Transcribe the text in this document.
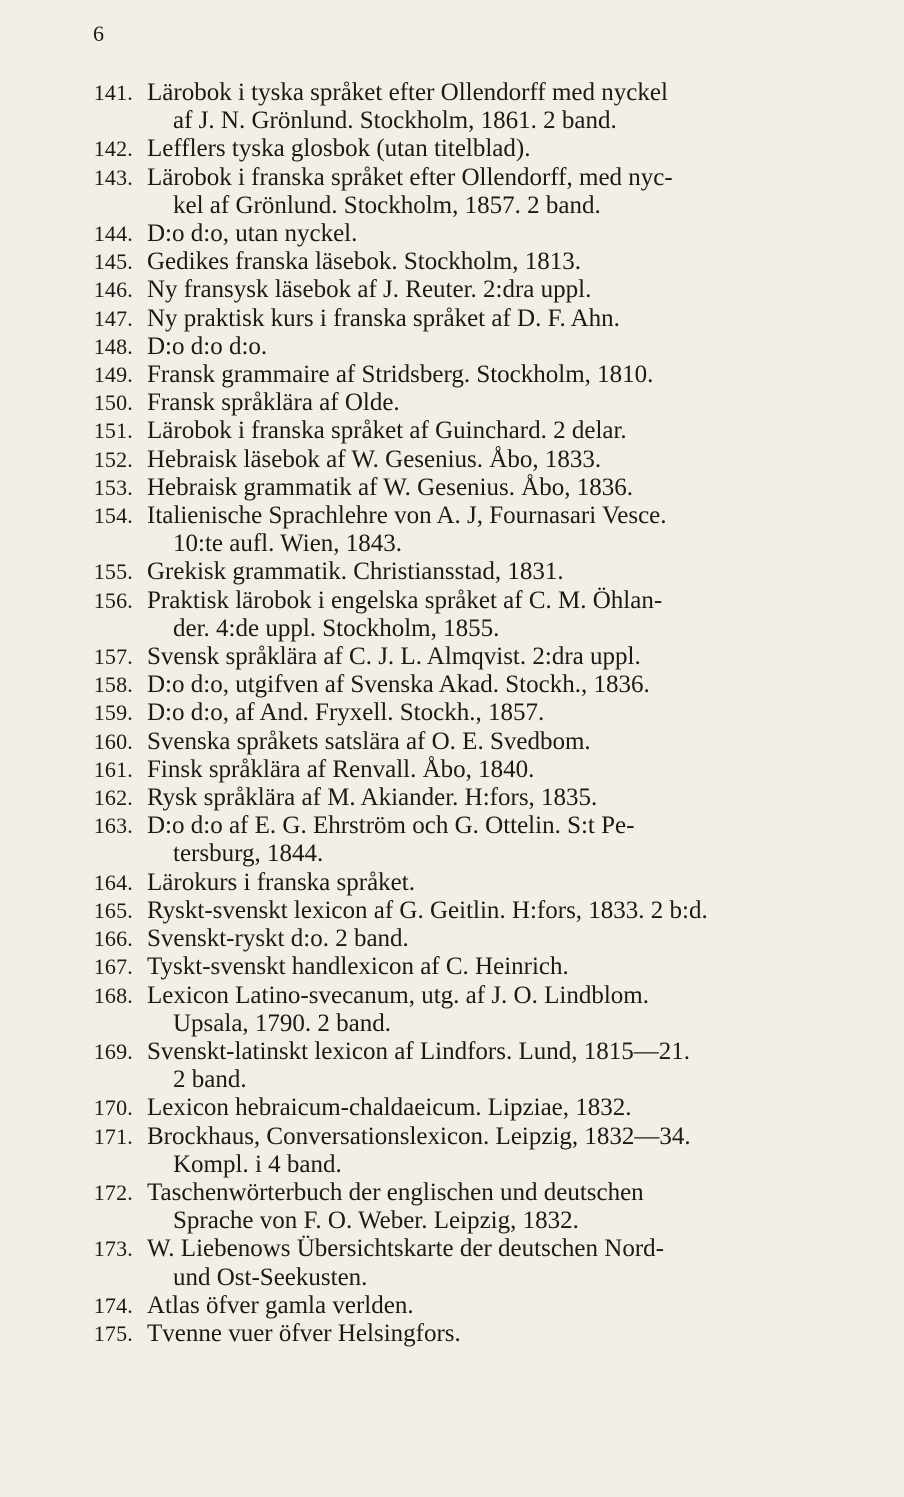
6
141. Lärobok i tyska språket efter Ollendorff med nyckel
af J. N. Grönlund. Stockholm, 1861. 2 band.
142. Lefflers tyska glosbok (utan titelblad).
143. Lärobok i franska språket efter Ollendorff, med nyc-
kel af Grönlund. Stockholm, 1857. 2 band.
144. D:o d:o, utan nyckel.
145. Gedikes franska läsebok. Stockholm, 1813.
146. Ny fransysk läsebok af J. Reuter. 2:dra uppl.
147. Ny praktisk kurs i franska språket af D. F. Ahn.
148. D:o d:o d:o.
149. Fransk grammaire af Stridsberg. Stockholm, 1810.
150. Fransk språklära af Olde.
151. Lärobok i franska språket af Guinchard. 2 delar.
152. Hebraisk läsebok af W. Gesenius. Åbo, 1833.
153. Hebraisk grammatik af W. Gesenius. Åbo, 1836.
154. Italienische Sprachlehre von A. J, Fournasari Vesce.
10:te aufl. Wien, 1843.
155. Grekisk grammatik. Christiansstad, 1831.
156. Praktisk lärobok i engelska språket af C. M. Öhlan-
der. 4:de uppl. Stockholm, 1855.
157. Svensk språklära af C. J. L. Almqvist. 2:dra uppl.
158. D:o d:o, utgifven af Svenska Akad. Stockh., 1836.
159. D:o d:o, af And. Fryxell. Stockh., 1857.
160. Svenska språkets satslära af O. E. Svedbom.
161. Finsk språklära af Renvall. Åbo, 1840.
162. Rysk språklära af M. Akiander. H:fors, 1835.
163. D:o d:o af E. G. Ehrström och G. Ottelin. S:t Pe-
tersburg, 1844.
164. Lärokurs i franska språket.
165. Ryskt-svenskt lexicon af G. Geitlin. H:fors, 1833. 2 b:d.
166. Svenskt-ryskt d:o. 2 band.
167. Tyskt-svenskt handlexicon af C. Heinrich.
168. Lexicon Latino-svecanum, utg. af J. O. Lindblom.
Upsala, 1790. 2 band.
169. Svenskt-latinskt lexicon af Lindfors. Lund, 1815—21.
2 band.
170. Lexicon hebraicum-chaldaeicum. Lipziae, 1832.
171. Brockhaus, Conversationslexicon. Leipzig, 1832—34.
Kompl. i 4 band.
172. Taschenwörterbuch der englischen und deutschen
Sprache von F. O. Weber. Leipzig, 1832.
173. W. Liebenows Übersichtskarte der deutschen Nord-
und Ost-Seekusten.
174. Atlas öfver gamla verlden.
175. Tvenne vuer öfver Helsingfors.
